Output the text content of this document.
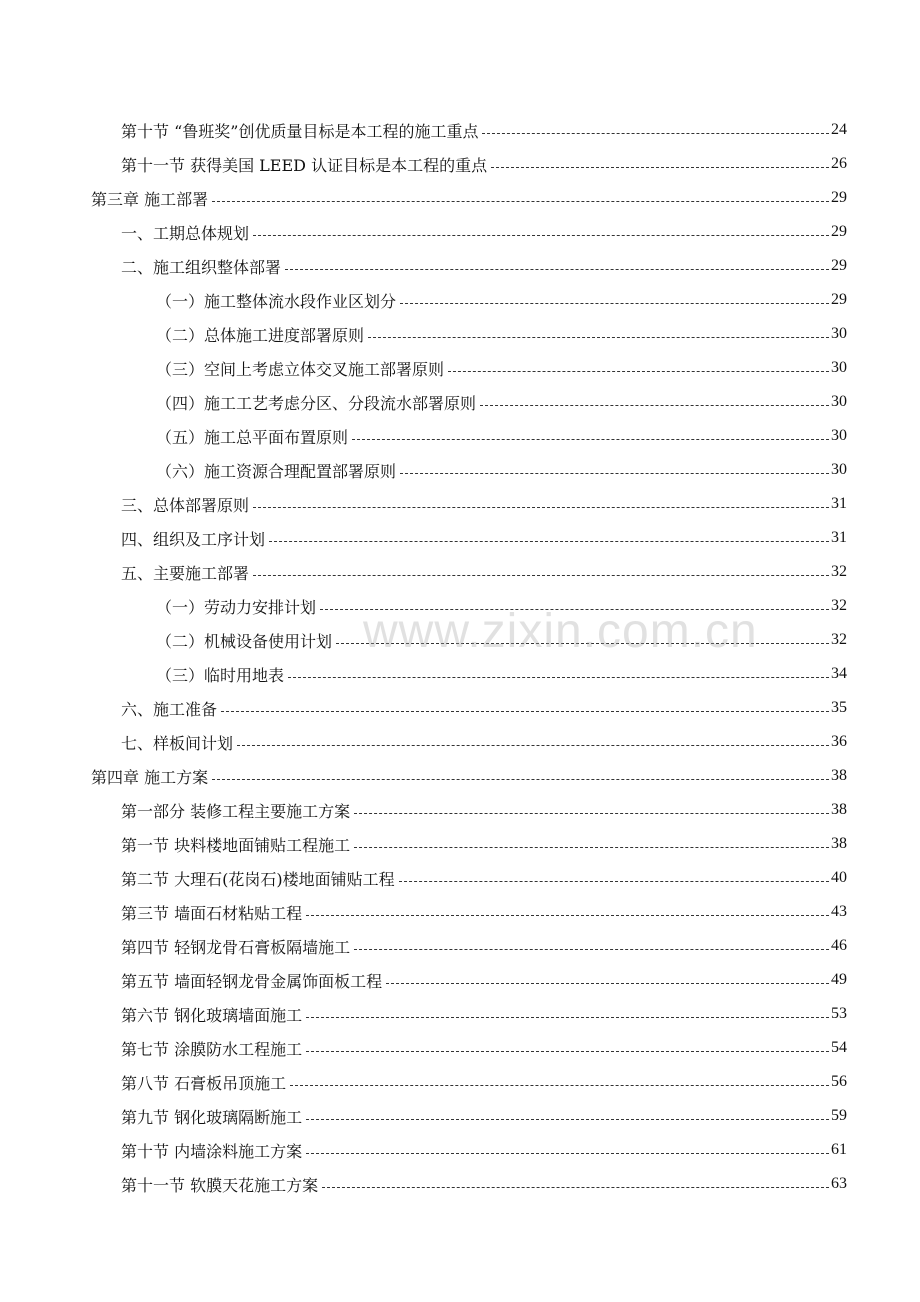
第十节 “鲁班奖”创优质量目标是本工程的施工重点	24
第十一节 获得美国 LEED 认证目标是本工程的重点	26
第三章 施工部署	29
一、工期总体规划	29
二、施工组织整体部署	29
（一）施工整体流水段作业区划分	29
（二）总体施工进度部署原则	30
（三）空间上考虑立体交叉施工部署原则	30
（四）施工工艺考虑分区、分段流水部署原则	30
（五）施工总平面布置原则	30
（六）施工资源合理配置部署原则	30
三、总体部署原则	31
四、组织及工序计划	31
五、主要施工部署	32
（一）劳动力安排计划	32
（二）机械设备使用计划	32
（三）临时用地表	34
六、施工准备	35
七、样板间计划	36
第四章 施工方案	38
第一部分 装修工程主要施工方案	38
第一节 块料楼地面铺贴工程施工	38
第二节 大理石(花岗石)楼地面铺贴工程	40
第三节 墙面石材粘贴工程	43
第四节 轻钢龙骨石膏板隔墙施工	46
第五节 墙面轻钢龙骨金属饰面板工程	49
第六节 钢化玻璃墙面施工	53
第七节 涂膜防水工程施工	54
第八节 石膏板吊顶施工	56
第九节 钢化玻璃隔断施工	59
第十节 内墙涂料施工方案	61
第十一节 软膜天花施工方案	63
www.zixin.com.cn
